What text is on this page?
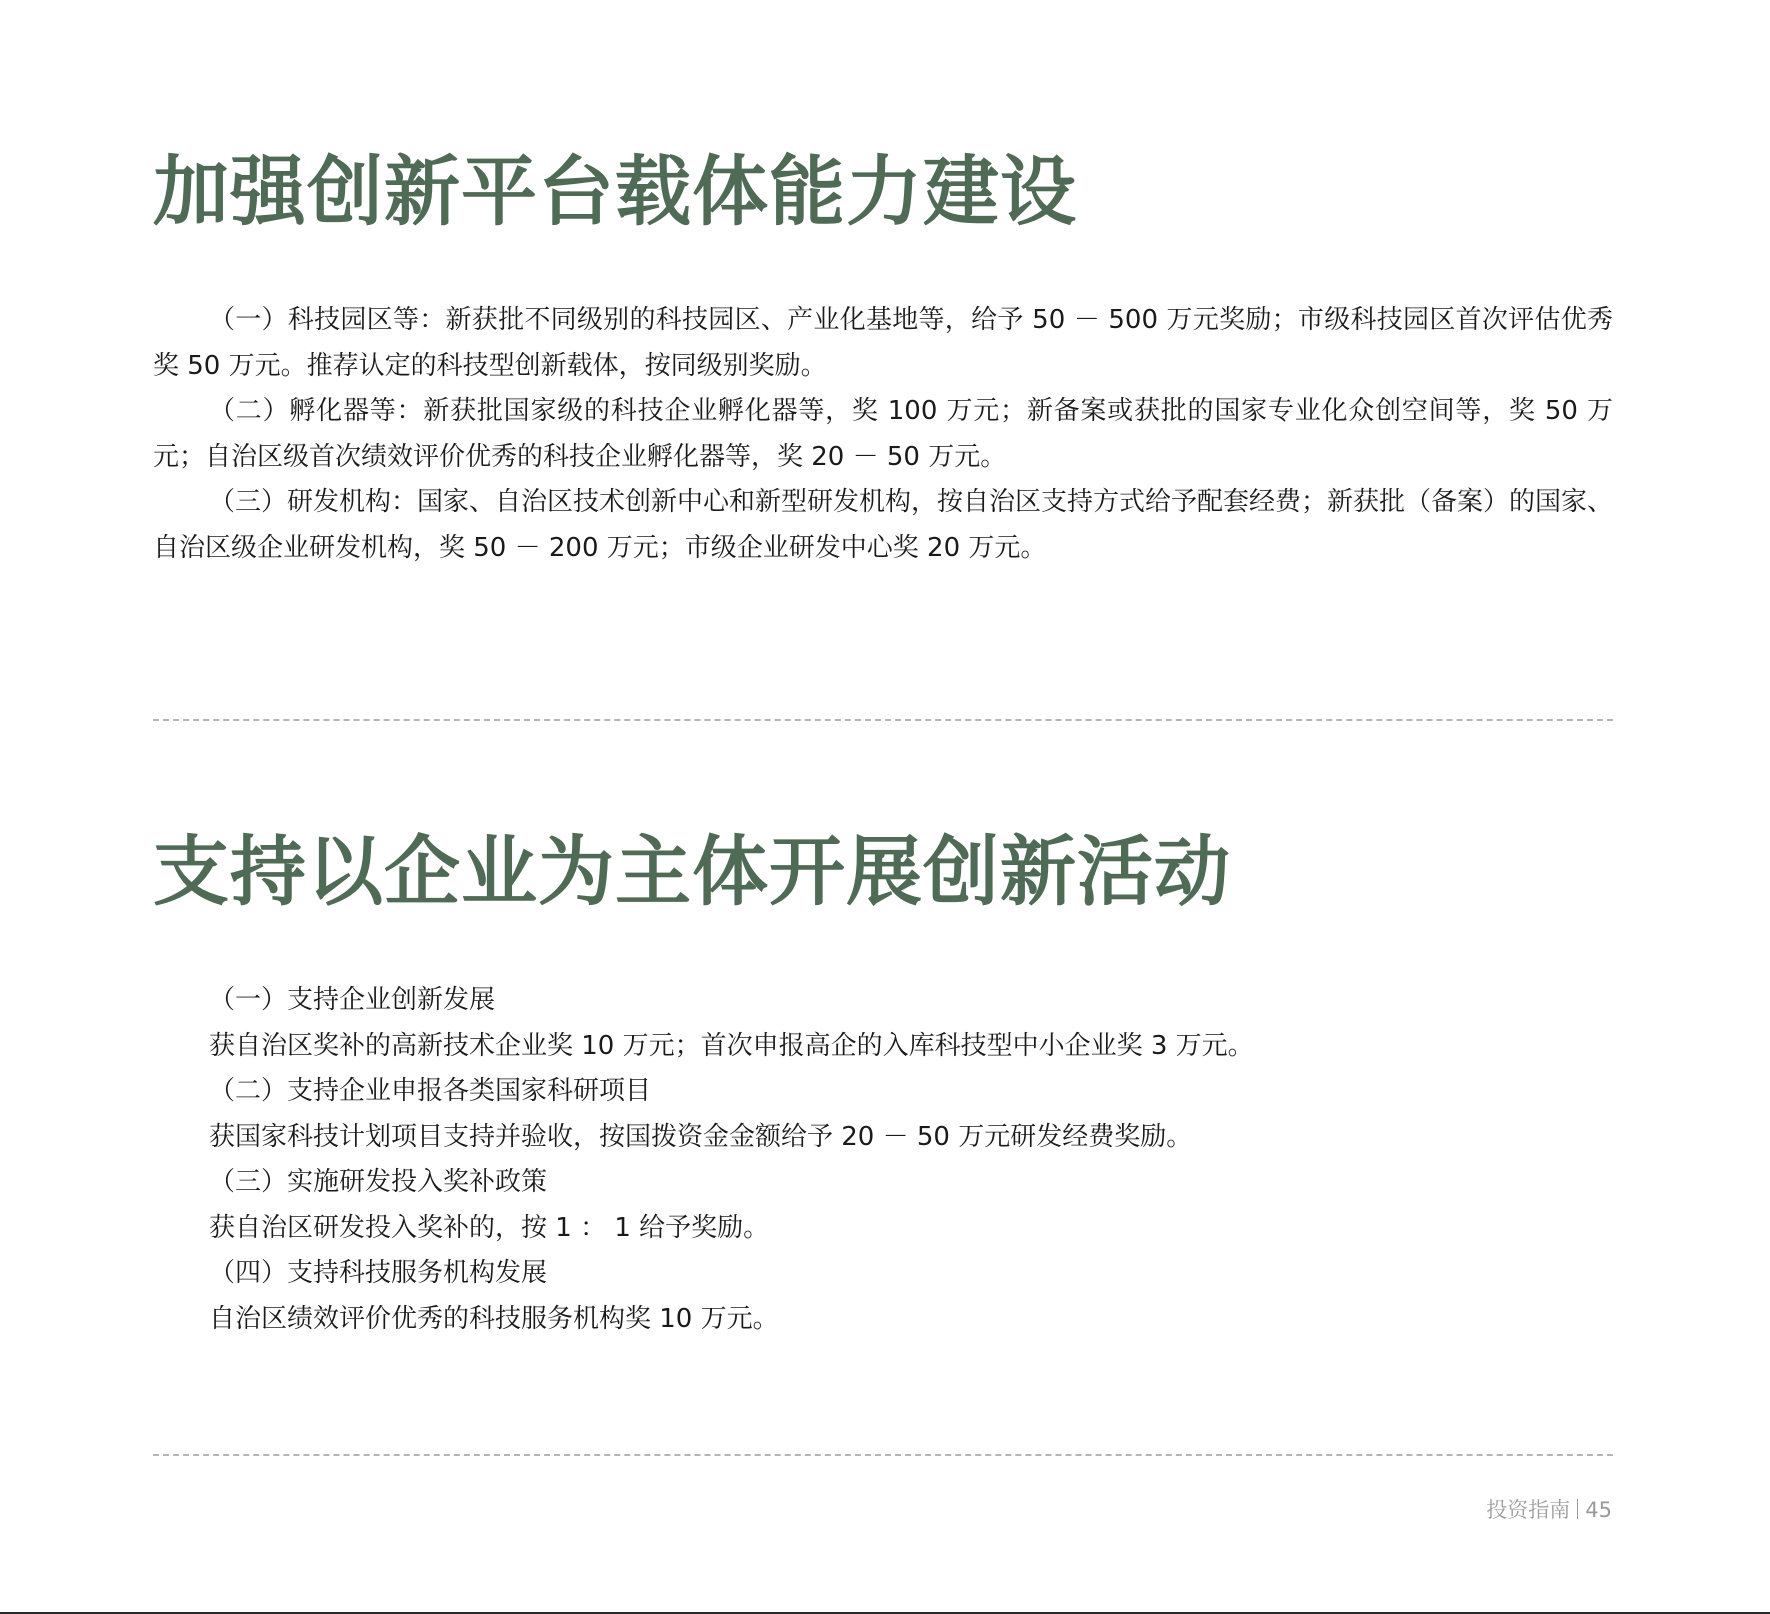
加强创新平台载体能力建设

（一）科技园区等：新获批不同级别的科技园区、产业化基地等，给予 50 － 500 万元奖励；市级科技园区首次评估优秀奖 50 万元。推荐认定的科技型创新载体，按同级别奖励。

（二）孵化器等：新获批国家级的科技企业孵化器等，奖 100 万元；新备案或获批的国家专业化众创空间等，奖 50 万元；自治区级首次绩效评价优秀的科技企业孵化器等，奖 20 － 50 万元。

（三）研发机构：国家、自治区技术创新中心和新型研发机构，按自治区支持方式给予配套经费；新获批（备案）的国家、自治区级企业研发机构，奖 50 － 200 万元；市级企业研发中心奖 20 万元。

支持以企业为主体开展创新活动

（一）支持企业创新发展

获自治区奖补的高新技术企业奖 10 万元；首次申报高企的入库科技型中小企业奖 3 万元。

（二）支持企业申报各类国家科研项目

获国家科技计划项目支持并验收，按国拨资金金额给予 20 － 50 万元研发经费奖励。

（三）实施研发投入奖补政策

获自治区研发投入奖补的，按 1 ： 1 给予奖励。

（四）支持科技服务机构发展

自治区绩效评价优秀的科技服务机构奖 10 万元。

投资指南 45
